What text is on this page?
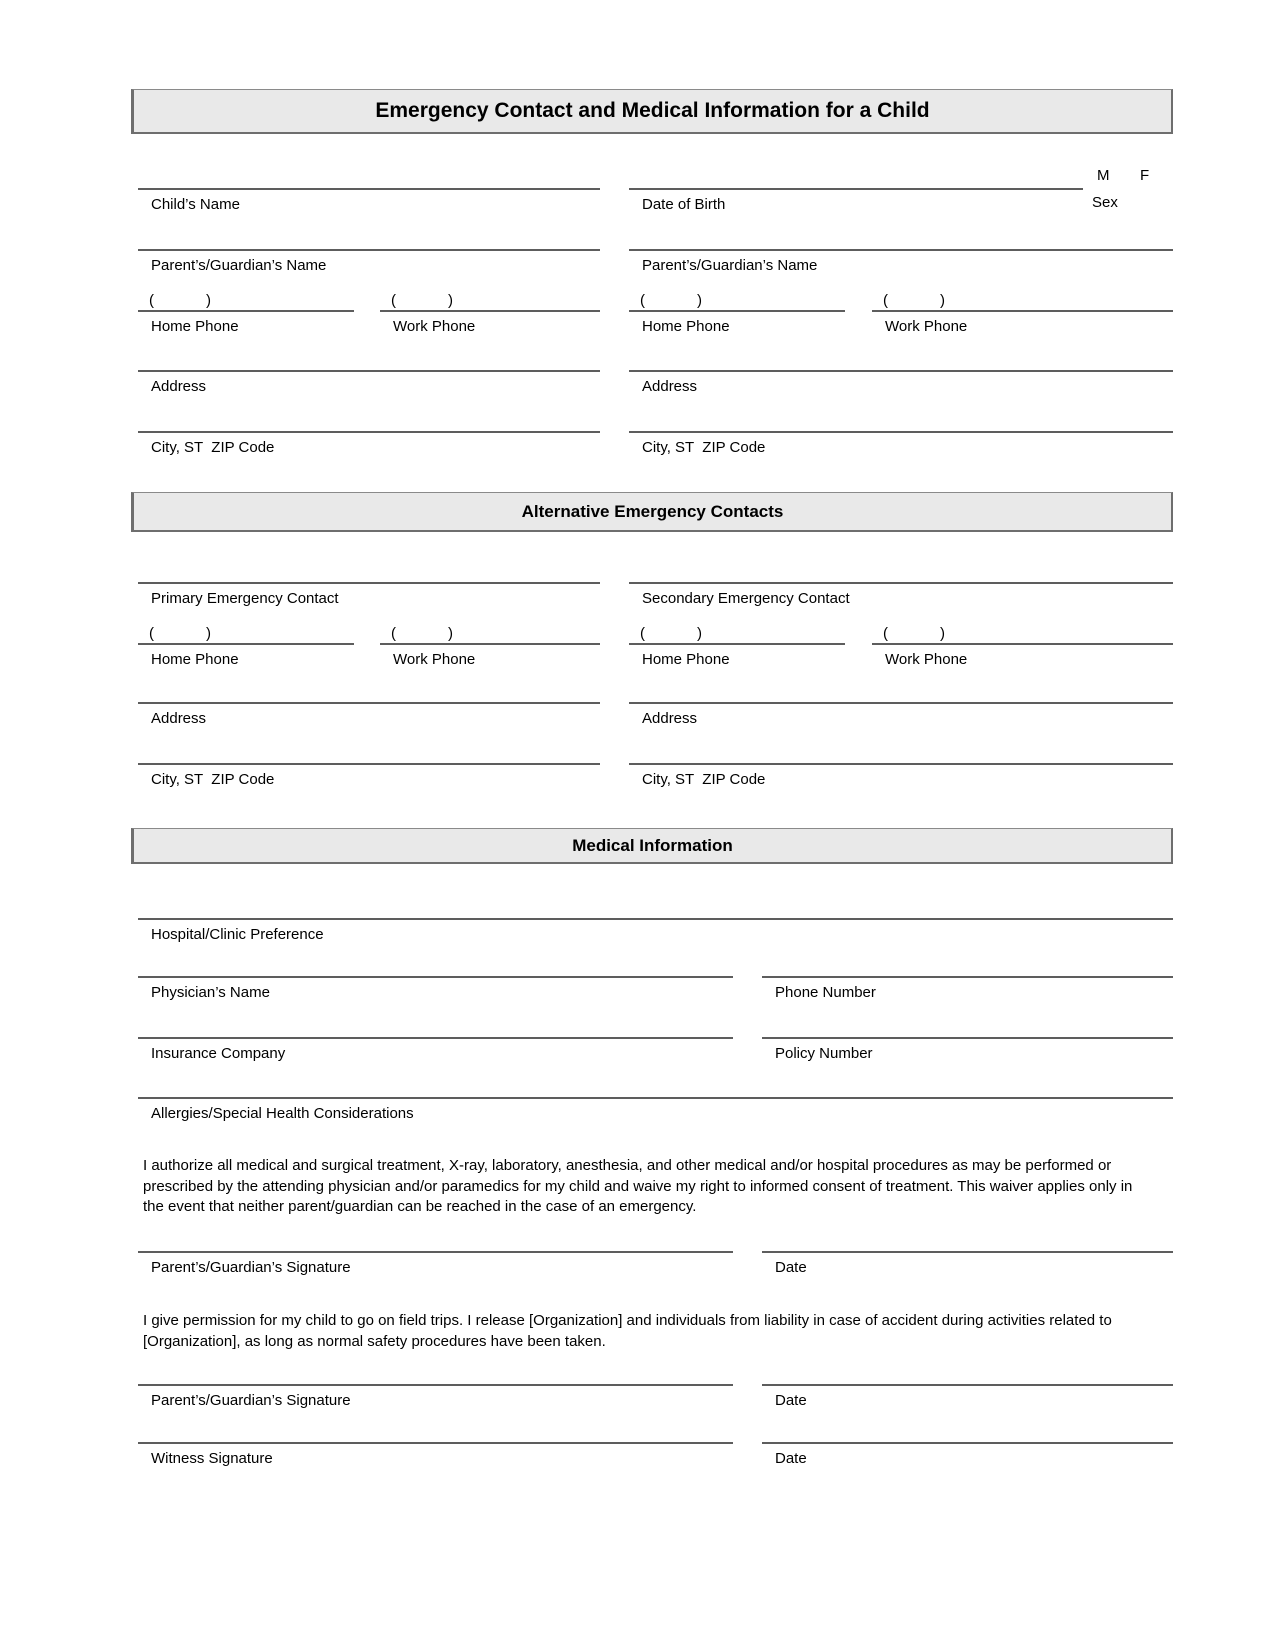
Emergency Contact and Medical Information for a Child
Child’s Name	Date of Birth
M F
Sex
Parent’s/Guardian’s Name	Parent’s/Guardian’s Name
(	)	(	)	(	)	(	)
Home Phone	Work Phone	Home Phone	Work Phone
Address	Address
City, ST  ZIP Code	City, ST  ZIP Code
Alternative Emergency Contacts
Primary Emergency Contact	Secondary Emergency Contact
(	)	(	)	(	)	(	)
Home Phone	Work Phone	Home Phone	Work Phone
Address	Address
City, ST  ZIP Code	City, ST  ZIP Code
Medical Information
Hospital/Clinic Preference
Physician’s Name	Phone Number
Insurance Company	Policy Number
Allergies/Special Health Considerations
I authorize all medical and surgical treatment, X-ray, laboratory, anesthesia, and other medical and/or hospital procedures as may be performed or prescribed by the attending physician and/or paramedics for my child and waive my right to informed consent of treatment. This waiver applies only in the event that neither parent/guardian can be reached in the case of an emergency.
Parent’s/Guardian’s Signature	Date
I give permission for my child to go on field trips. I release [Organization] and individuals from liability in case of accident during activities related to [Organization], as long as normal safety procedures have been taken.
Parent’s/Guardian’s Signature	Date
Witness Signature	Date
